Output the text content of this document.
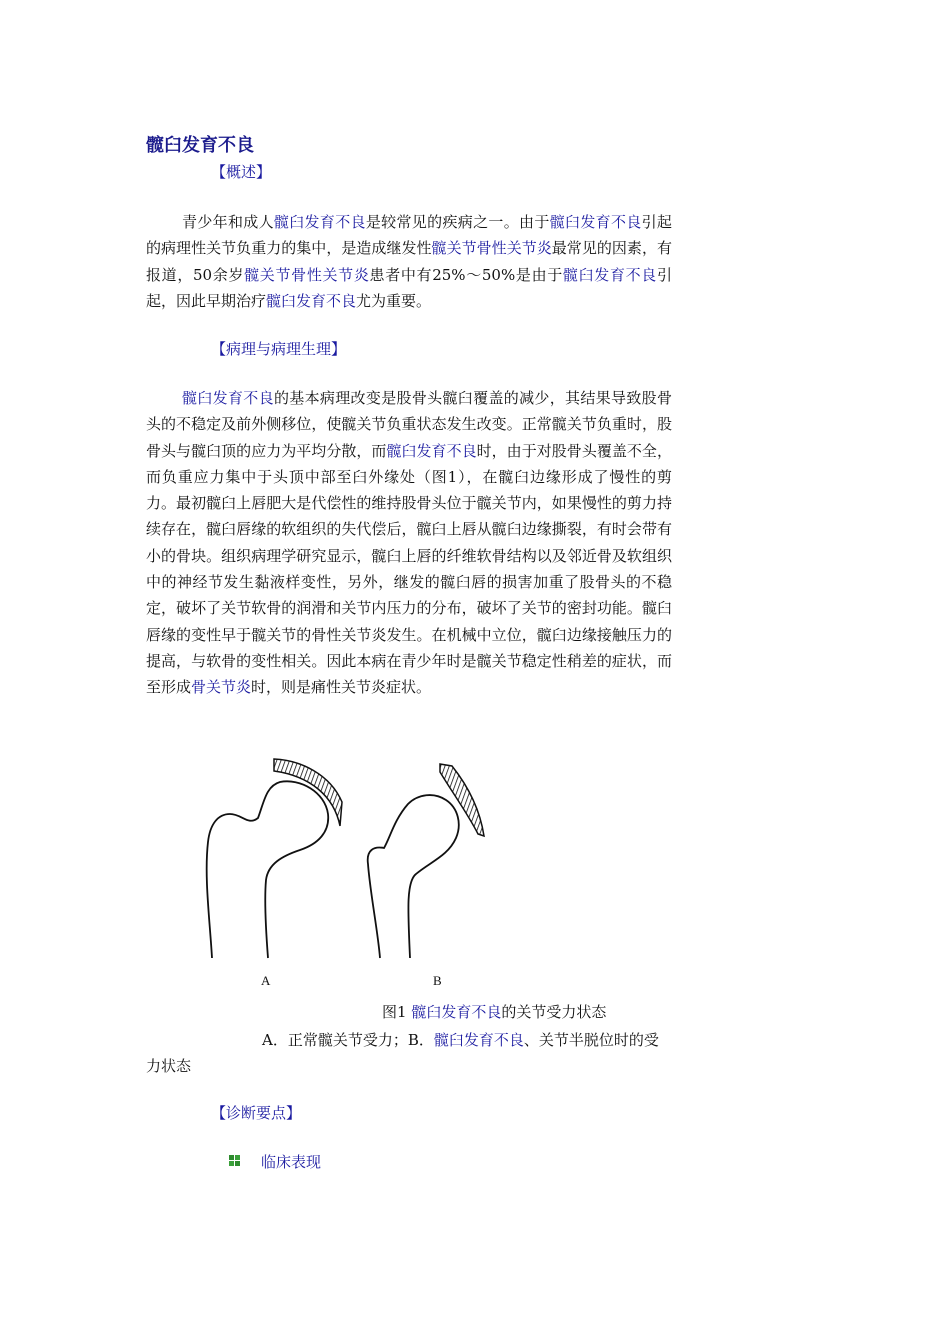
髋臼发育不良
【概述】

青少年和成人髋臼发育不良是较常见的疾病之一。由于髋臼发育不良引起的病理性关节负重力的集中，是造成继发性髋关节骨性关节炎最常见的因素，有报道，50余岁髋关节骨性关节炎患者中有25%～50%是由于髋臼发育不良引起，因此早期治疗髋臼发育不良尤为重要。

【病理与病理生理】

髋臼发育不良的基本病理改变是股骨头髋臼覆盖的减少，其结果导致股骨头的不稳定及前外侧移位，使髋关节负重状态发生改变。正常髋关节负重时，股骨头与髋臼顶的应力为平均分散，而髋臼发育不良时，由于对股骨头覆盖不全，而负重应力集中于头顶中部至臼外缘处（图1），在髋臼边缘形成了慢性的剪力。最初髋臼上唇肥大是代偿性的维持股骨头位于髋关节内，如果慢性的剪力持续存在，髋臼唇缘的软组织的失代偿后，髋臼上唇从髋臼边缘撕裂，有时会带有小的骨块。组织病理学研究显示，髋臼上唇的纤维软骨结构以及邻近骨及软组织中的神经节发生黏液样变性，另外，继发的髋臼唇的损害加重了股骨头的不稳定，破坏了关节软骨的润滑和关节内压力的分布，破坏了关节的密封功能。髋臼唇缘的变性早于髋关节的骨性关节炎发生。在机械中立位，髋臼边缘接触压力的提高，与软骨的变性相关。因此本病在青少年时是髋关节稳定性稍差的症状，而至形成骨关节炎时，则是痛性关节炎症状。

A	B
图1 髋臼发育不良的关节受力状态

A．正常髋关节受力；B．髋臼发育不良、关节半脱位时的受力状态

【诊断要点】
临床表现
